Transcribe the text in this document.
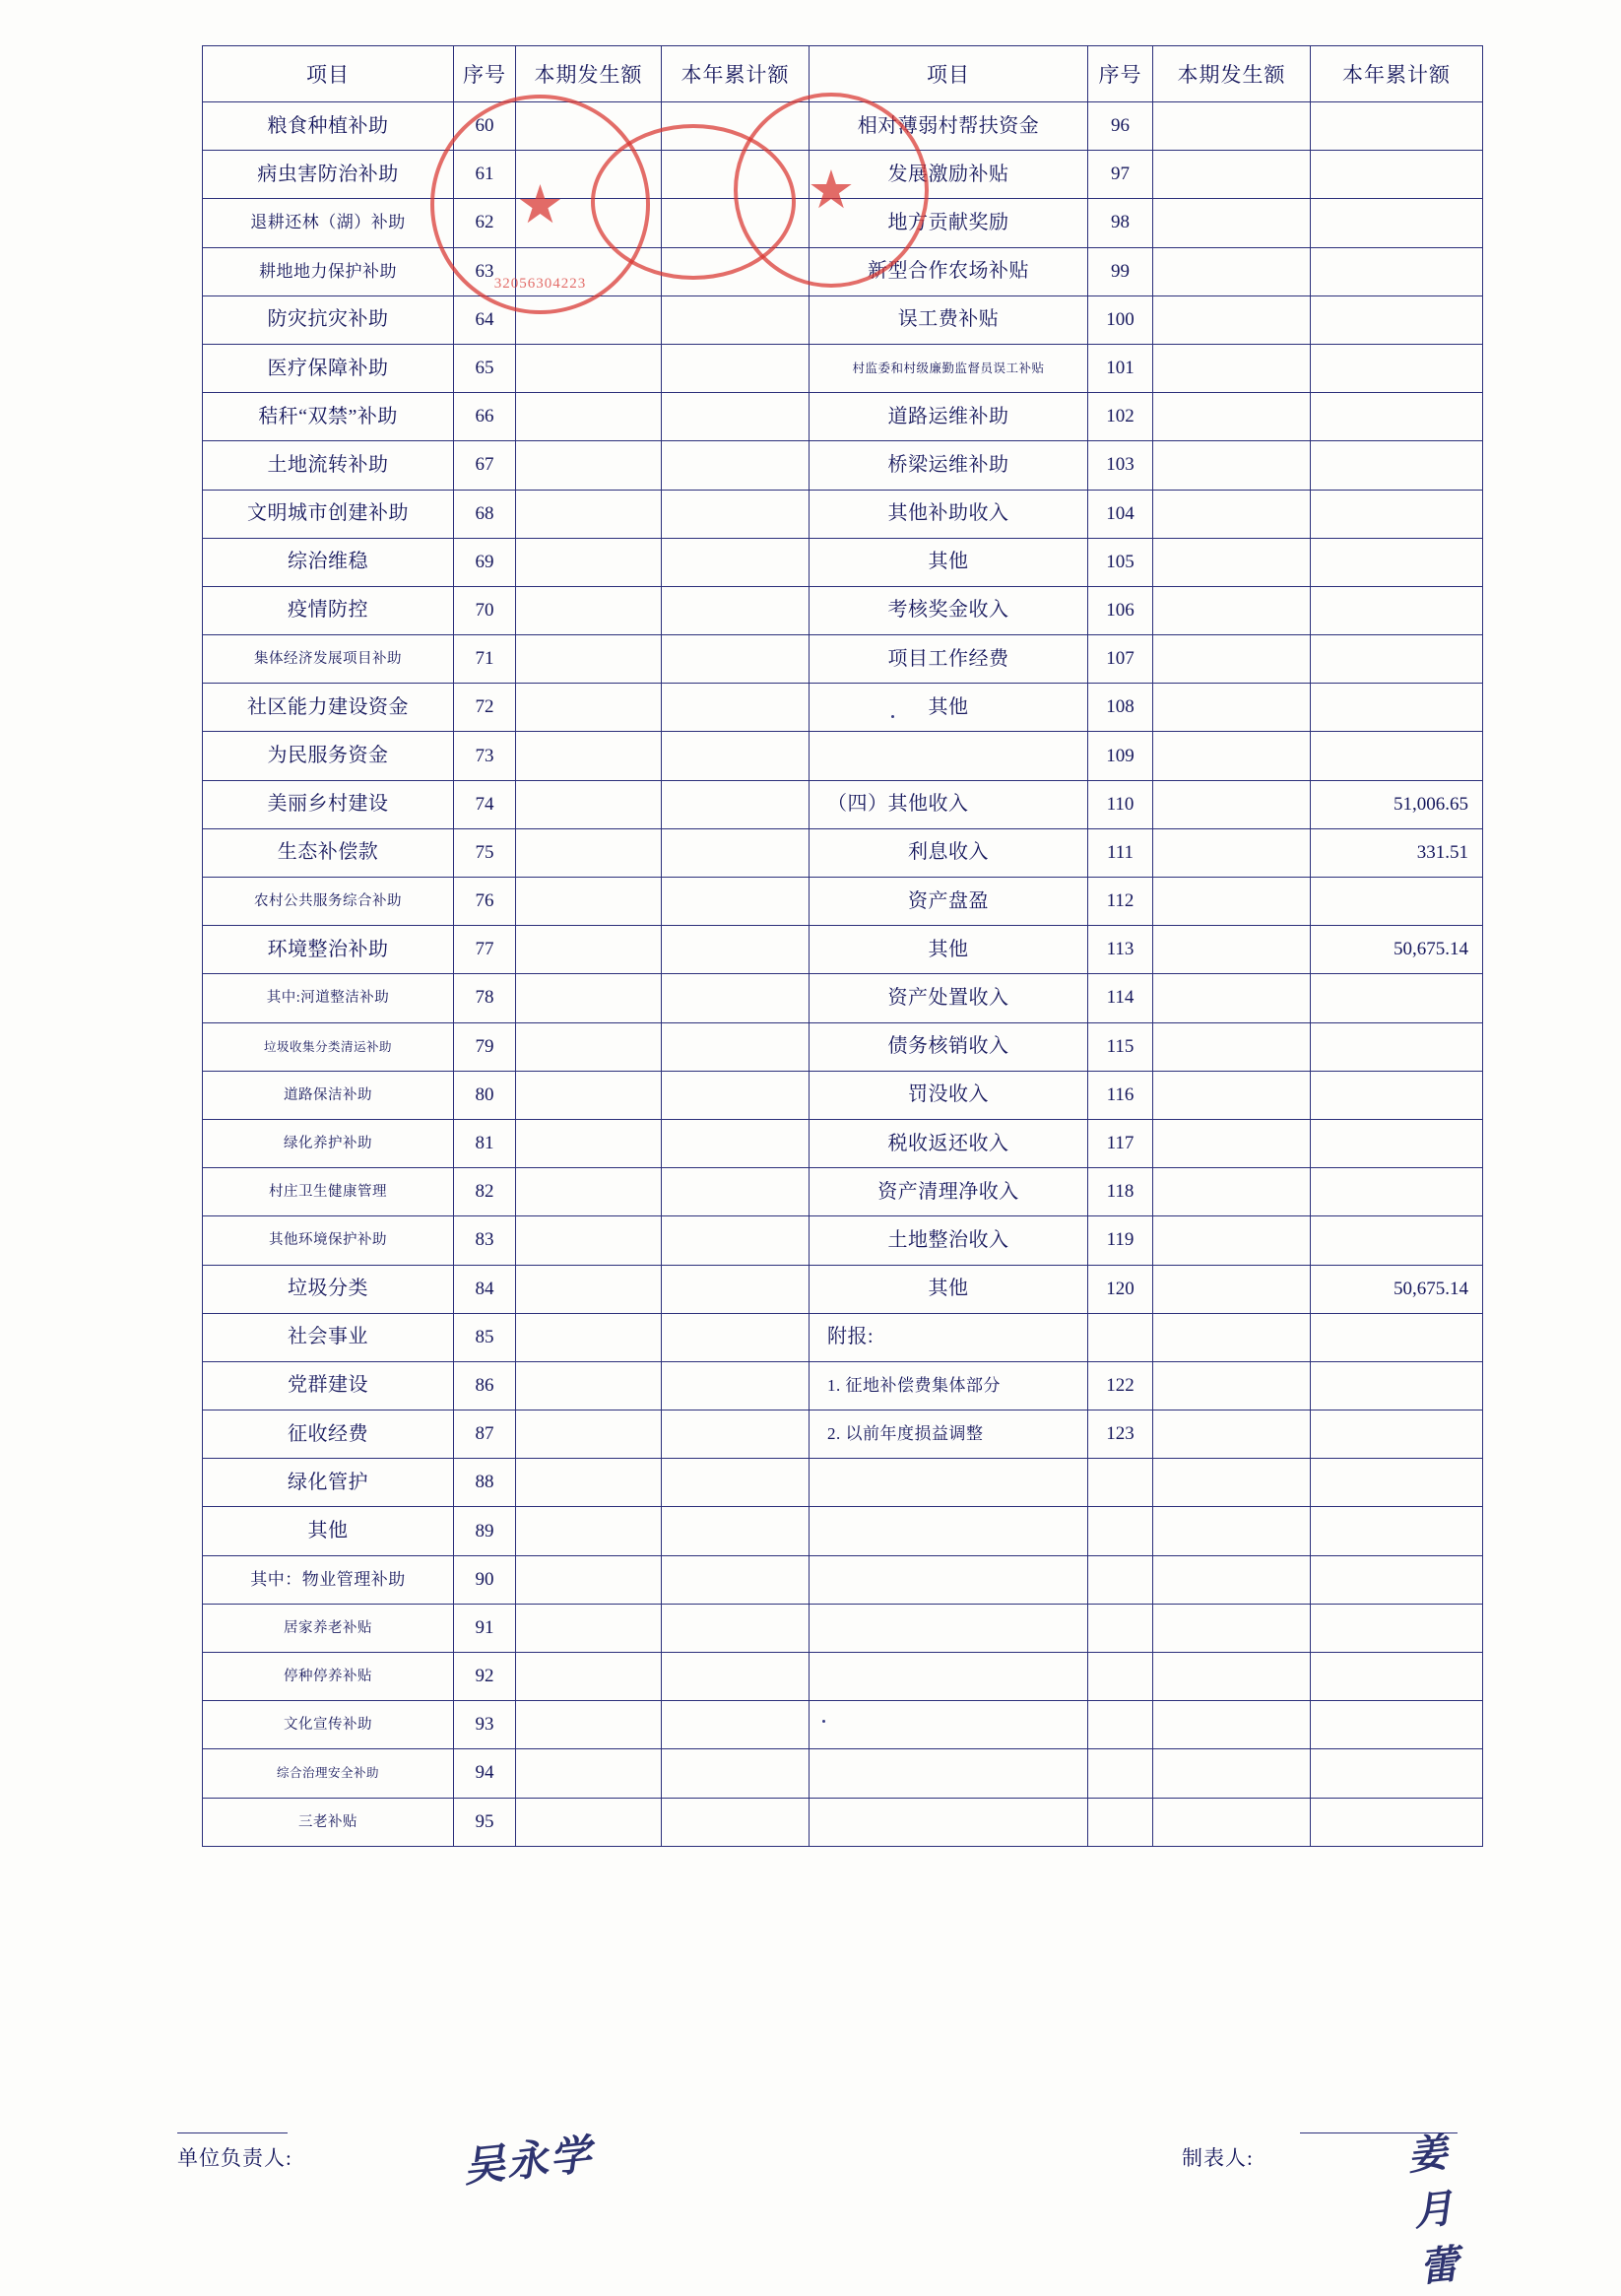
项目	序号	本期发生额	本年累计额	项目	序号	本期发生额	本年累计额
粮食种植补助	60			相对薄弱村帮扶资金	96		
病虫害防治补助	61			发展激励补贴	97		
退耕还林（湖）补助	62			地方贡献奖励	98		
耕地地力保护补助	63			新型合作农场补贴	99		
防灾抗灾补助	64			误工费补贴	100		
医疗保障补助	65			村监委和村级廉勤监督员误工补贴	101		
秸秆“双禁”补助	66			道路运维补助	102		
土地流转补助	67			桥梁运维补助	103		
文明城市创建补助	68			其他补助收入	104		
综治维稳	69			其他	105		
疫情防控	70			考核奖金收入	106		
集体经济发展项目补助	71			项目工作经费	107		
社区能力建设资金	72			其他	108		
为民服务资金	73				109		
美丽乡村建设	74			（四）其他收入	110		51,006.65
生态补偿款	75			利息收入	111		331.51
农村公共服务综合补助	76			资产盘盈	112		
环境整治补助	77			其他	113		50,675.14
其中:河道整洁补助	78			资产处置收入	114		
垃圾收集分类清运补助	79			债务核销收入	115		
道路保洁补助	80			罚没收入	116		
绿化养护补助	81			税收返还收入	117		
村庄卫生健康管理	82			资产清理净收入	118		
其他环境保护补助	83			土地整治收入	119		
垃圾分类	84			其他	120		50,675.14
社会事业	85			附报:			
党群建设	86			1. 征地补偿费集体部分	122		
征收经费	87			2. 以前年度损益调整	123		
绿化管护	88						
其他	89						
其中：物业管理补助	90						
居家养老补贴	91						
停种停养补贴	92						
文化宣传补助	93						
综合治理安全补助	94						
三老补贴	95						
★
32056304223
★
单位负责人:	制表人:
吴永学	姜月蕾
